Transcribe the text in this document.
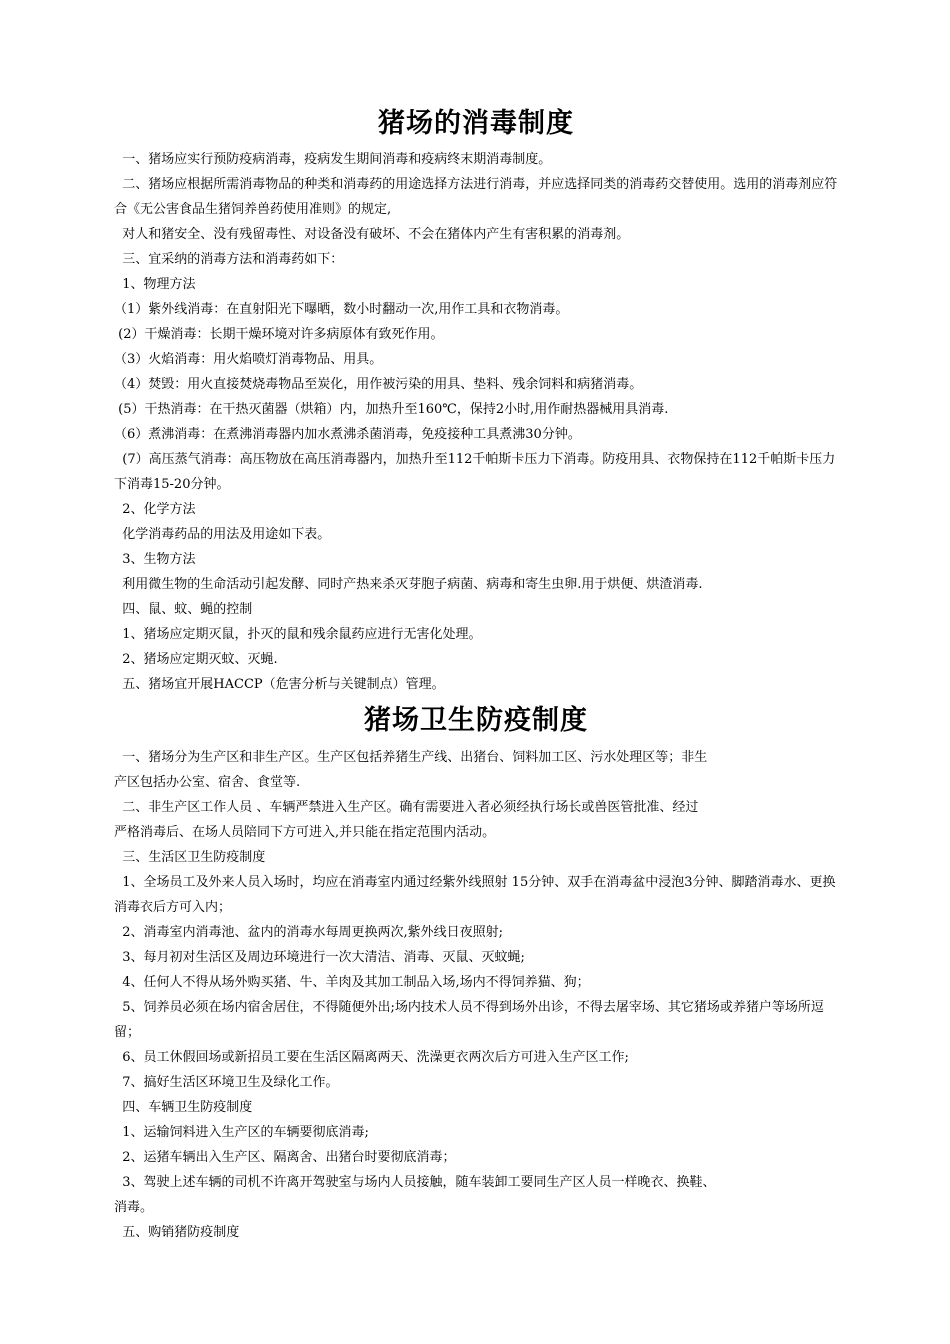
猪场的消毒制度

一、猪场应实行预防疫病消毒，疫病发生期间消毒和疫病终末期消毒制度。

二、猪场应根据所需消毒物品的种类和消毒药的用途选择方法进行消毒，并应选择同类的消毒药交替使用。选用的消毒剂应符合《无公害食品生猪饲养兽药使用准则》的规定,

对人和猪安全、没有残留毒性、对设备没有破坏、不会在猪体内产生有害积累的消毒剂。

三、宜采纳的消毒方法和消毒药如下：

1、物理方法

（1）紫外线消毒：在直射阳光下曝晒，数小时翻动一次,用作工具和衣物消毒。

(2）干燥消毒：长期干燥环境对许多病原体有致死作用。

（3）火焰消毒：用火焰喷灯消毒物品、用具。

（4）焚毁：用火直接焚烧毒物品至炭化，用作被污染的用具、垫料、残余饲料和病猪消毒。

(5）干热消毒：在干热灭菌器（烘箱）内，加热升至160℃，保持2小时,用作耐热器械用具消毒.

（6）煮沸消毒：在煮沸消毒器内加水煮沸杀菌消毒，免疫接种工具煮沸30分钟。

(7）高压蒸气消毒：高压物放在高压消毒器内，加热升至112千帕斯卡压力下消毒。防疫用具、衣物保持在112千帕斯卡压力下消毒15-20分钟。

2、化学方法

化学消毒药品的用法及用途如下表。

3、生物方法

利用微生物的生命活动引起发酵、同时产热来杀灭芽胞子病菌、病毒和寄生虫卵.用于烘便、烘渣消毒.

四、鼠、蚊、蝇的控制

1、猪场应定期灭鼠，扑灭的鼠和残余鼠药应进行无害化处理。

2、猪场应定期灭蚊、灭蝇.

五、猪场宜开展HACCP（危害分析与关键制点）管理。

猪场卫生防疫制度

一、猪场分为生产区和非生产区。生产区包括养猪生产线、出猪台、饲料加工区、污水处理区等；非生

产区包括办公室、宿舍、食堂等.

二、非生产区工作人员 、车辆严禁进入生产区。确有需要进入者必须经执行场长或兽医管批准、经过

严格消毒后、在场人员陪同下方可进入,并只能在指定范围内活动。

三、生活区卫生防疫制度

1、全场员工及外来人员入场时，均应在消毒室内通过经紫外线照射 15分钟、双手在消毒盆中浸泡3分钟、脚踏消毒水、更换消毒衣后方可入内；

2、消毒室内消毒池、盆内的消毒水每周更换两次,紫外线日夜照射;

3、每月初对生活区及周边环境进行一次大清洁、消毒、灭鼠、灭蚊蝇;

4、任何人不得从场外购买猪、牛、羊肉及其加工制品入场,场内不得饲养猫、狗；

5、饲养员必须在场内宿舍居住，不得随便外出;场内技术人员不得到场外出诊，不得去屠宰场、其它猪场或养猪户等场所逗留；

6、员工休假回场或新招员工要在生活区隔离两天、洗澡更衣两次后方可进入生产区工作;

7、搞好生活区环境卫生及绿化工作。

四、车辆卫生防疫制度

1、运输饲料进入生产区的车辆要彻底消毒;

2、运猪车辆出入生产区、隔离舍、出猪台时要彻底消毒；

3、驾驶上述车辆的司机不许离开驾驶室与场内人员接触，随车装卸工要同生产区人员一样晚衣、换鞋、

消毒。

五、购销猪防疫制度
